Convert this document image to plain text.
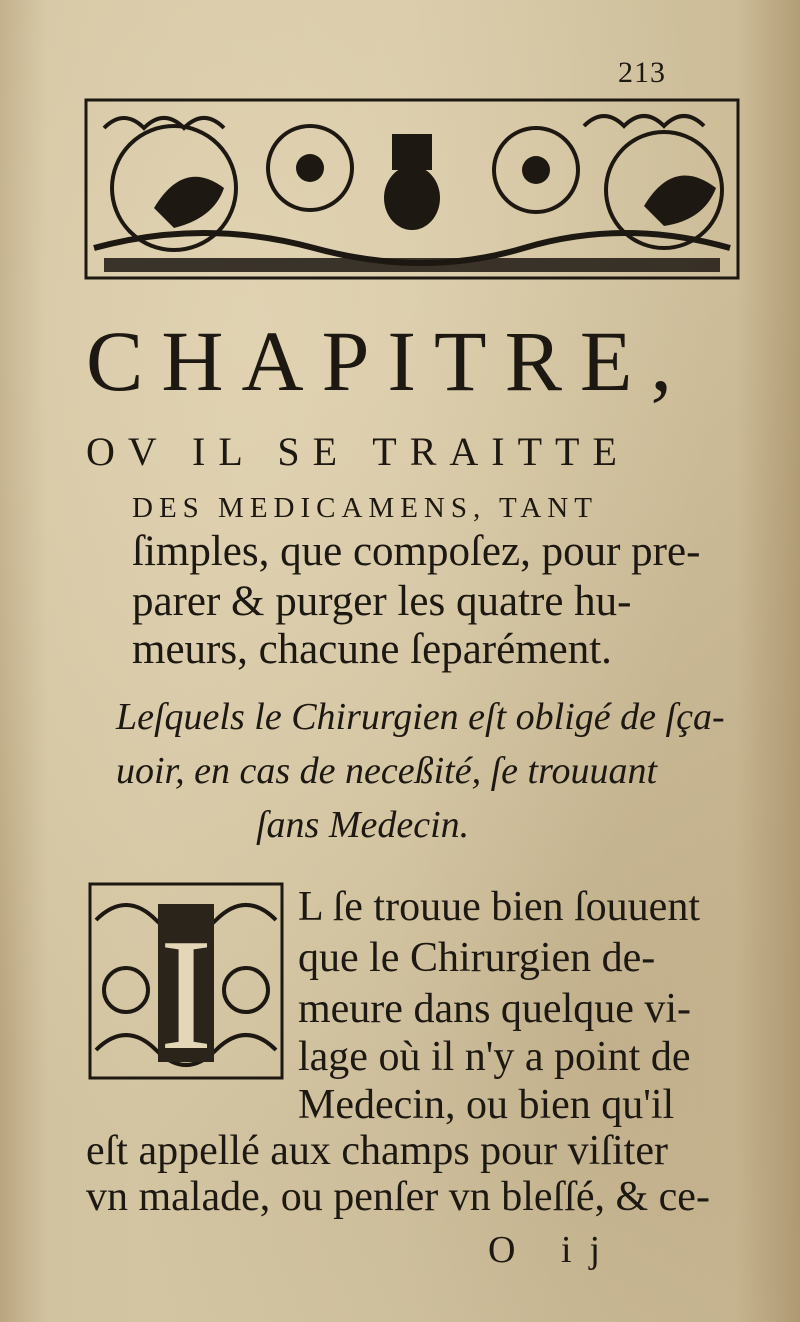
213
CHAPITRE,
OV IL SE TRAITTE
DES MEDICAMENS, TANT
ſimples, que compoſez, pour pre-
parer & purger les quatre hu-
meurs, chacune ſeparément.
Leſquels le Chirurgien eſt obligé de ſça-
uoir, en cas de neceßité, ſe trouuant
ſans Medecin.
I L ſe trouue bien ſouuent
que le Chirurgien de-
meure dans quelque vi-
lage où il n'y a point de
Medecin, ou bien qu'il
eſt appellé aux champs pour viſiter
vn malade, ou penſer vn bleſſé, & ce-
O ij
